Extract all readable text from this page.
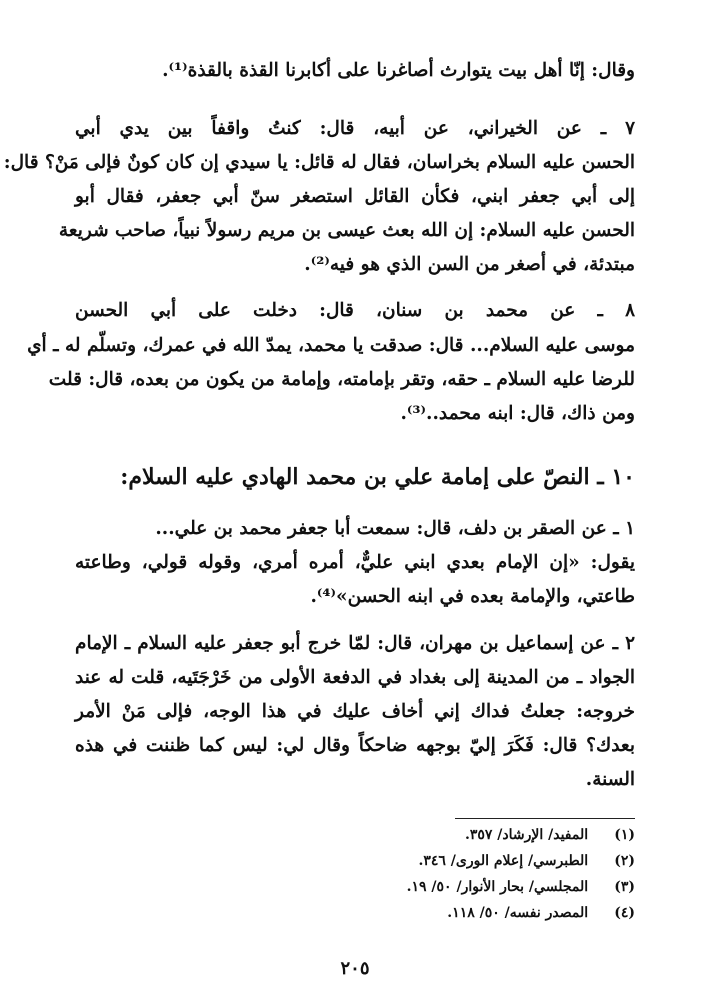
وقال: إنّا أهل بيت يتوارث أصاغرنا على أكابرنا القذة بالقذة⁽¹⁾.
٧ ـ عن الخيراني، عن أبيه، قال: كنتُ واقفاً بين يدي أبي
الحسن عليه السلام بخراسان، فقال له قائل: يا سيدي إن كان كونٌ فإلى مَنْ؟ قال:
إلى أبي جعفر ابني، فكأن القائل استصغر سنّ أبي جعفر، فقال أبو
الحسن عليه السلام: إن الله بعث عيسى بن مريم رسولاً نبياً، صاحب شريعة
مبتدئة، في أصغر من السن الذي هو فيه⁽²⁾.
٨ ـ عن محمد بن سنان، قال: دخلت على أبي الحسن
موسى عليه السلام... قال: صدقت يا محمد، يمدّ الله في عمرك، وتسلّم له ـ أي
للرضا عليه السلام ـ حقه، وتقر بإمامته، وإمامة من يكون من بعده، قال: قلت
ومن ذاك، قال: ابنه محمد..⁽³⁾.
١٠ ـ النصّ على إمامة علي بن محمد الهادي عليه السلام:
١ ـ عن الصقر بن دلف، قال: سمعت أبا جعفر محمد بن علي...
يقول: «إن الإمام بعدي ابني عليٌّ، أمره أمري، وقوله قولي، وطاعته
طاعتي، والإمامة بعده في ابنه الحسن»⁽⁴⁾.
٢ ـ عن إسماعيل بن مهران، قال: لمّا خرج أبو جعفر عليه السلام ـ الإمام
الجواد ـ من المدينة إلى بغداد في الدفعة الأولى من خَرْجَتَيه، قلت له عند
خروجه: جعلتُ فداك إني أخاف عليك في هذا الوجه، فإلى مَنْ الأمر
بعدك؟ قال: فَكَرَ إليّ بوجهه ضاحكاً وقال لي: ليس كما ظننت في هذه
السنة.
(١) المفيد/ الإرشاد/ ٣٥٧.
(٢) الطبرسي/ إعلام الورى/ ٣٤٦.
(٣) المجلسي/ بحار الأنوار/ ٥٠/ ١٩.
(٤) المصدر نفسه/ ٥٠/ ١١٨.
٢٠٥
